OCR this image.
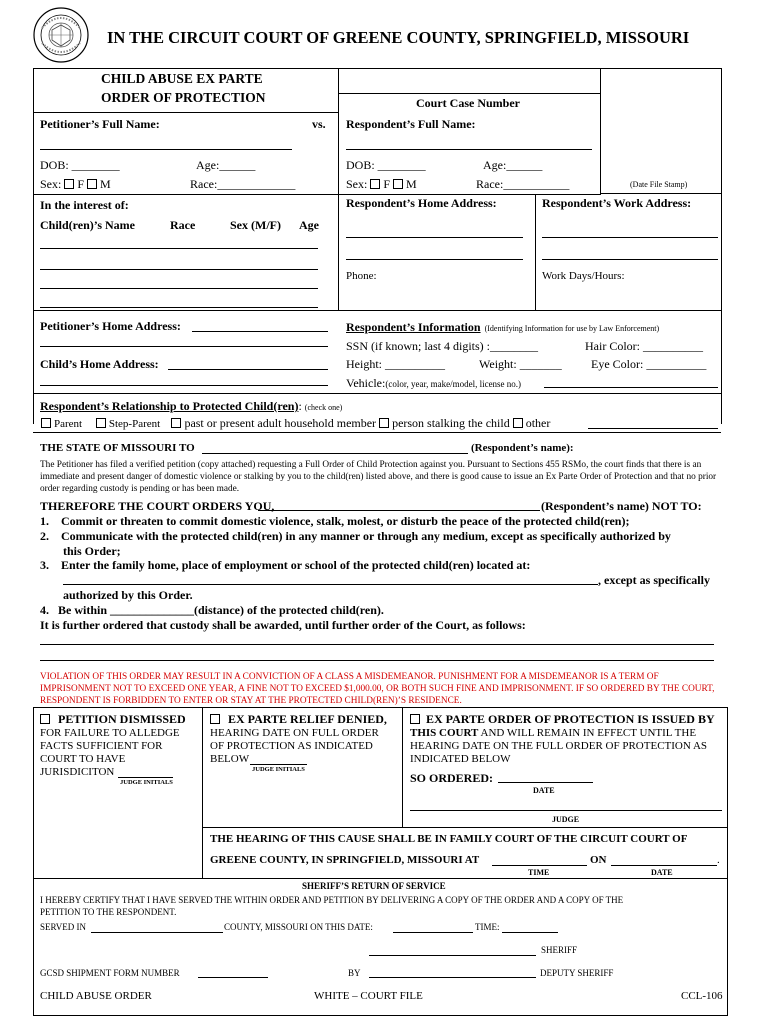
IN THE CIRCUIT COURT OF GREENE COUNTY, SPRINGFIELD, MISSOURI
CHILD ABUSE EX PARTE
ORDER OF PROTECTION	Court Case Number
(Date File Stamp)
Petitioner’s Full Name:	vs.
DOB: ________	Age:______
Sex: F M	Race:_____________
Respondent’s Full Name:
DOB: ________	Age:______
Sex: F M	Race:___________
In the interest of:
Child(ren)’s Name	Race	Sex (M/F) Age
Respondent’s Home Address:	Respondent’s Work Address:
Phone:	Work Days/Hours:
Petitioner’s Home Address:
Child’s Home Address:
Respondent’s Information (Identifying Information for use by Law Enforcement)
SSN (if known; last 4 digits) :________	Hair Color: __________
Height: __________	Weight: _______ Eye Color: __________
Vehicle:(color, year, make/model, license no.)
Respondent’s Relationship to Protected Child(ren): (check one)
Parent Step-Parent past or present adult household member person stalking the child other
THE STATE OF MISSOURI TO	(Respondent’s name):
The Petitioner has filed a verified petition (copy attached) requesting a Full Order of Child Protection against you. Pursuant to Sections 455 RSMo, the court finds that there is an immediate and present danger of domestic violence or stalking by you to the child(ren) listed above, and there is good cause to issue an Ex Parte Order of Protection and that no prior order regarding custody is pending or has been made.
THEREFORE THE COURT ORDERS YOU,	(Respondent’s name) NOT TO:
1.    Commit or threaten to commit domestic violence, stalk, molest, or disturb the peace of the protected child(ren);
2.    Communicate with the protected child(ren) in any manner or through any medium, except as specifically authorized by
this Order;
3.    Enter the family home, place of employment or school of the protected child(ren) located at:
, except as specifically
authorized by this Order.
4.   Be within ______________(distance) of the protected child(ren).
It is further ordered that custody shall be awarded, until further order of the Court, as follows:
VIOLATION OF THIS ORDER MAY RESULT IN A CONVICTION OF A CLASS A MISDEMEANOR. PUNISHMENT FOR A MISDEMEANOR IS A TERM OF IMPRISONMENT NOT TO EXCEED ONE YEAR, A FINE NOT TO EXCEED $1,000.00, OR BOTH SUCH FINE AND IMPRISONMENT. IF SO ORDERED BY THE COURT, RESPONDENT IS FORBIDDEN TO ENTER OR STAY AT THE PROTECTED CHILD(REN)’S RESIDENCE.
PETITION DISMISSED
FOR FAILURE TO ALLEDGE
FACTS SUFFICIENT FOR
COURT TO HAVE
JURISDICITON
JUDGE INITIALS
EX PARTE RELIEF DENIED,
HEARING DATE ON FULL ORDER
OF PROTECTION AS INDICATED
BELOW
JUDGE INITIALS
EX PARTE ORDER OF PROTECTION IS ISSUED BY
THIS COURT AND WILL REMAIN IN EFFECT UNTIL THE
HEARING DATE ON THE FULL ORDER OF PROTECTION AS
INDICATED BELOW
SO ORDERED:
DATE
JUDGE
THE HEARING OF THIS CAUSE SHALL BE IN FAMILY COURT OF THE CIRCUIT COURT OF
GREENE COUNTY, IN SPRINGFIELD, MISSOURI AT	ON	.
TIME	DATE
SHERIFF’S RETURN OF SERVICE
I HEREBY CERTIFY THAT I HAVE SERVED THE WITHIN ORDER AND PETITION BY DELIVERING A COPY OF THE ORDER AND A COPY OF THE
PETITION TO THE RESPONDENT.
SERVED IN	COUNTY, MISSOURI ON THIS DATE:	TIME:
SHERIFF
GCSD SHIPMENT FORM NUMBER	BY	DEPUTY SHERIFF
CHILD ABUSE ORDER	WHITE – COURT FILE	CCL-106
